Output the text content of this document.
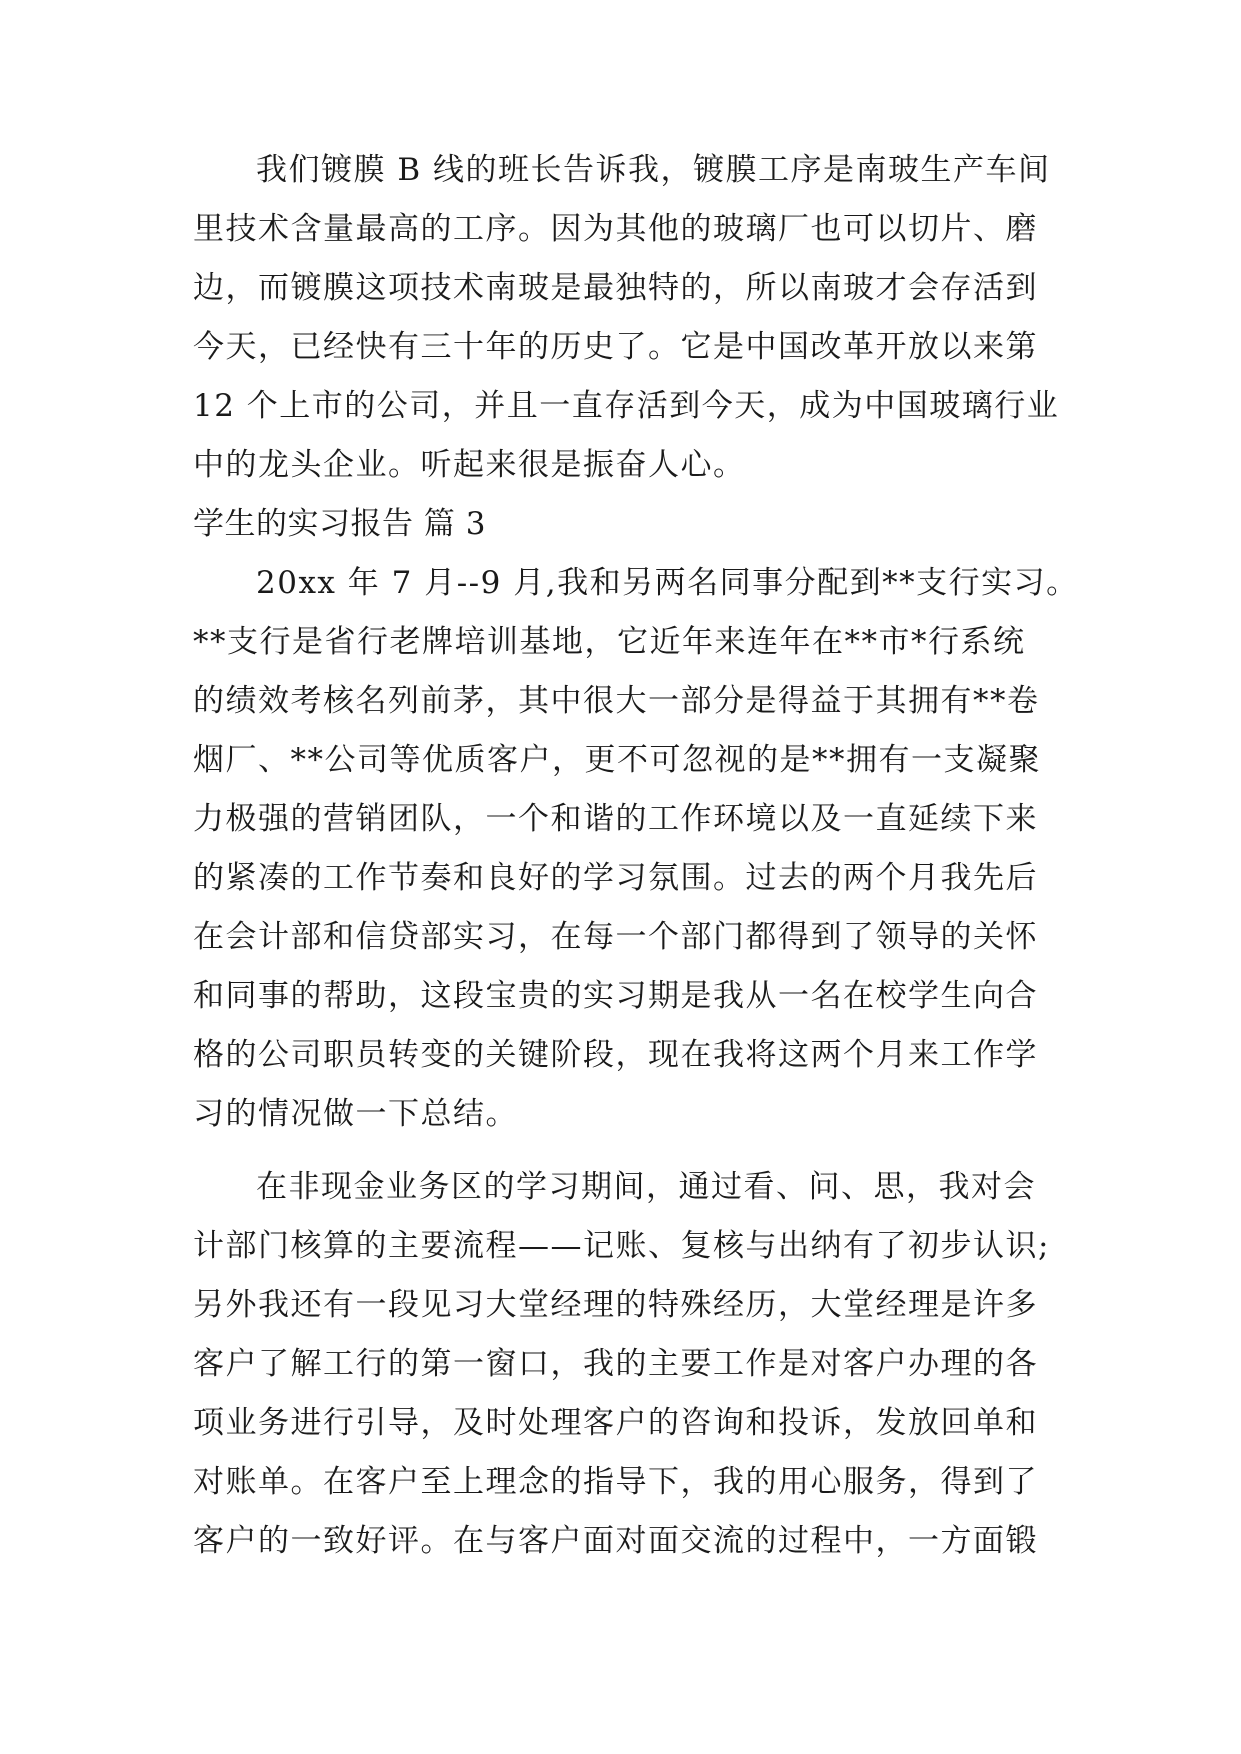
我们镀膜 B 线的班长告诉我，镀膜工序是南玻生产车间
里技术含量最高的工序。因为其他的玻璃厂也可以切片、磨
边，而镀膜这项技术南玻是最独特的，所以南玻才会存活到
今天，已经快有三十年的历史了。它是中国改革开放以来第
12 个上市的公司，并且一直存活到今天，成为中国玻璃行业
中的龙头企业。听起来很是振奋人心。
学生的实习报告 篇 3
20xx 年 7 月--9 月,我和另两名同事分配到**支行实习。
**支行是省行老牌培训基地，它近年来连年在**市*行系统
的绩效考核名列前茅，其中很大一部分是得益于其拥有**卷
烟厂、**公司等优质客户，更不可忽视的是**拥有一支凝聚
力极强的营销团队，一个和谐的工作环境以及一直延续下来
的紧凑的工作节奏和良好的学习氛围。过去的两个月我先后
在会计部和信贷部实习，在每一个部门都得到了领导的关怀
和同事的帮助，这段宝贵的实习期是我从一名在校学生向合
格的公司职员转变的关键阶段，现在我将这两个月来工作学
习的情况做一下总结。
在非现金业务区的学习期间，通过看、问、思，我对会
计部门核算的主要流程——记账、复核与出纳有了初步认识;
另外我还有一段见习大堂经理的特殊经历，大堂经理是许多
客户了解工行的第一窗口，我的主要工作是对客户办理的各
项业务进行引导，及时处理客户的咨询和投诉，发放回单和
对账单。在客户至上理念的指导下，我的用心服务，得到了
客户的一致好评。在与客户面对面交流的过程中，一方面锻
